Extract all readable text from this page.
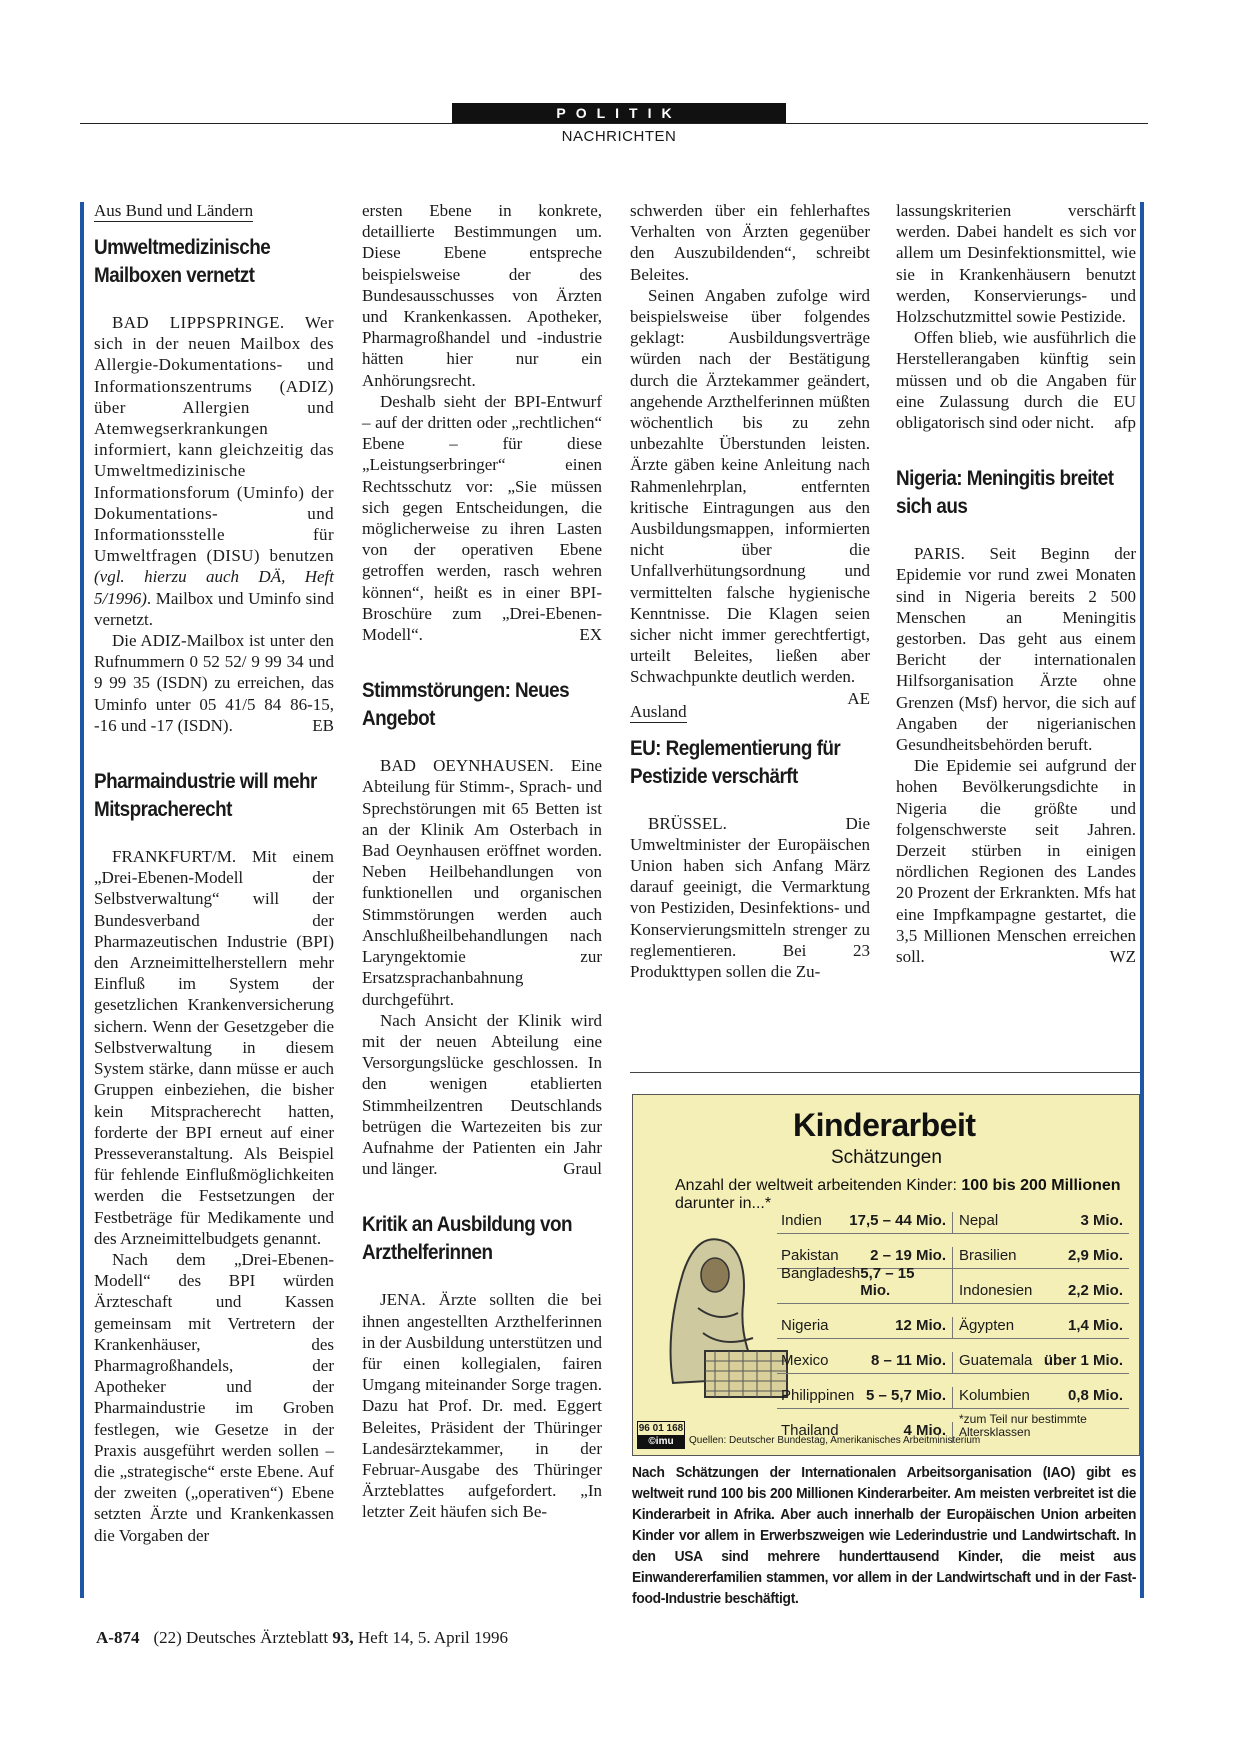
POLITIK
NACHRICHTEN
Aus Bund und Ländern
Umweltmedizinische Mailboxen vernetzt

BAD LIPPSPRINGE. Wer sich in der neuen Mailbox des Allergie-Dokumentations- und Informationszentrums (ADIZ) über Allergien und Atemwegserkrankungen informiert, kann gleichzeitig das Umweltmedizinische Informationsforum (Uminfo) der Dokumentations- und Informationsstelle für Umweltfragen (DISU) benutzen (vgl. hierzu auch DÄ, Heft 5/1996). Mailbox und Uminfo sind vernetzt.

Die ADIZ-Mailbox ist unter den Rufnummern 0 52 52/ 9 99 34 und 9 99 35 (ISDN) zu erreichen, das Uminfo unter 05 41/5 84 86-15, -16 und -17 (ISDN).	EB

Pharmaindustrie will mehr Mitspracherecht

FRANKFURT/M. Mit einem „Drei-Ebenen-Modell der Selbstverwaltung“ will der Bundesverband der Pharmazeutischen Industrie (BPI) den Arzneimittelherstellern mehr Einfluß im System der gesetzlichen Krankenversicherung sichern. Wenn der Gesetzgeber die Selbstverwaltung in diesem System stärke, dann müsse er auch Gruppen einbeziehen, die bisher kein Mitspracherecht hatten, forderte der BPI erneut auf einer Presseveranstaltung. Als Beispiel für fehlende Einflußmöglichkeiten werden die Festsetzungen der Festbeträge für Medikamente und des Arzneimittelbudgets genannt.

Nach dem „Drei-Ebenen-Modell“ des BPI würden Ärzteschaft und Kassen gemeinsam mit Vertretern der Krankenhäuser, des Pharmagroßhandels, der Apotheker und der Pharmaindustrie im Groben festlegen, wie Gesetze in der Praxis ausgeführt werden sollen – die „strategische“ erste Ebene. Auf der zweiten („operativen“) Ebene setzten Ärzte und Krankenkassen die Vorgaben der

ersten Ebene in konkrete, detaillierte Bestimmungen um. Diese Ebene entspreche beispielsweise der des Bundesausschusses von Ärzten und Krankenkassen. Apotheker, Pharmagroßhandel und -industrie hätten hier nur ein Anhörungsrecht.

Deshalb sieht der BPI-Entwurf – auf der dritten oder „rechtlichen“ Ebene – für diese „Leistungserbringer“ einen Rechtsschutz vor: „Sie müssen sich gegen Entscheidungen, die möglicherweise zu ihren Lasten von der operativen Ebene getroffen werden, rasch wehren können“, heißt es in einer BPI-Broschüre zum „Drei-Ebenen-Modell“.	EX

Stimmstörungen: Neues Angebot

BAD OEYNHAUSEN. Eine Abteilung für Stimm-, Sprach- und Sprechstörungen mit 65 Betten ist an der Klinik Am Osterbach in Bad Oeynhausen eröffnet worden. Neben Heilbehandlungen von funktionellen und organischen Stimmstörungen werden auch Anschlußheilbehandlungen nach Laryngektomie zur Ersatzsprachanbahnung durchgeführt.

Nach Ansicht der Klinik wird mit der neuen Abteilung eine Versorgungslücke geschlossen. In den wenigen etablierten Stimmheilzentren Deutschlands betrügen die Wartezeiten bis zur Aufnahme der Patienten ein Jahr und länger.	Graul

Kritik an Ausbildung von Arzthelferinnen

JENA. Ärzte sollten die bei ihnen angestellten Arzthelferinnen in der Ausbildung unterstützen und für einen kollegialen, fairen Umgang miteinander Sorge tragen. Dazu hat Prof. Dr. med. Eggert Beleites, Präsident der Thüringer Landesärztekammer, in der Februar-Ausgabe des Thüringer Ärzteblattes aufgefordert. „In letzter Zeit häufen sich Be-

schwerden über ein fehlerhaftes Verhalten von Ärzten gegenüber den Auszubildenden“, schreibt Beleites.

Seinen Angaben zufolge wird beispielsweise über folgendes geklagt: Ausbildungsverträge würden nach der Bestätigung durch die Ärztekammer geändert, angehende Arzthelferinnen müßten wöchentlich bis zu zehn unbezahlte Überstunden leisten. Ärzte gäben keine Anleitung nach Rahmenlehrplan, entfernten kritische Eintragungen aus den Ausbildungsmappen, informierten nicht über die Unfallverhütungsordnung und vermittelten falsche hygienische Kenntnisse. Die Klagen seien sicher nicht immer gerechtfertigt, urteilt Beleites, ließen aber Schwachpunkte deutlich werden.
AE

Ausland
EU: Reglementierung für Pestizide verschärft

BRÜSSEL. Die Umweltminister der Europäischen Union haben sich Anfang März darauf geeinigt, die Vermarktung von Pestiziden, Desinfektions- und Konservierungsmitteln strenger zu reglementieren. Bei 23 Produkttypen sollen die Zu-

lassungskriterien verschärft werden. Dabei handelt es sich vor allem um Desinfektionsmittel, wie sie in Krankenhäusern benutzt werden, Konservierungs- und Holzschutzmittel sowie Pestizide.

Offen blieb, wie ausführlich die Herstellerangaben künftig sein müssen und ob die Angaben für eine Zulassung durch die EU obligatorisch sind oder nicht.	afp

Nigeria: Meningitis breitet sich aus

PARIS. Seit Beginn der Epidemie vor rund zwei Monaten sind in Nigeria bereits 2 500 Menschen an Meningitis gestorben. Das geht aus einem Bericht der internationalen Hilfsorganisation Ärzte ohne Grenzen (Msf) hervor, die sich auf Angaben der nigerianischen Gesundheitsbehörden beruft.

Die Epidemie sei aufgrund der hohen Bevölkerungsdichte in Nigeria die größte und folgenschwerste seit Jahren. Derzeit stürben in einigen nördlichen Regionen des Landes 20 Prozent der Erkrankten. Mfs hat eine Impfkampagne gestartet, die 3,5 Millionen Menschen erreichen soll.	WZ

Kinderarbeit
Schätzungen
Anzahl der weltweit arbeitenden Kinder: 100 bis 200 Millionen
darunter in...*
Indien 17,5 – 44 Mio. Nepal	3 Mio.
Pakistan 2 – 19 Mio. Brasilien	2,9 Mio.
Bangladesh 5,7 – 15 Mio.	Indonesien 2,2 Mio.
Nigeria	12 Mio. Ägypten	1,4 Mio.
Mexico	8 – 11 Mio. Guatemala über 1 Mio.
Philippinen 5 – 5,7 Mio. Kolumbien	0,8 Mio.
Thailand	4 Mio.
*zum Teil nur bestimmte Altersklassen
96 01 168
©imu	Quellen: Deutscher Bundestag, Amerikanisches Arbeitministerium
Nach Schätzungen der Internationalen Arbeitsorganisation (IAO) gibt es weltweit rund 100 bis 200 Millionen Kinderarbeiter. Am meisten verbreitet ist die Kinderarbeit in Afrika. Aber auch innerhalb der Europäischen Union arbeiten Kinder vor allem in Erwerbszweigen wie Lederindustrie und Landwirtschaft. In den USA sind mehrere hunderttausend Kinder, die meist aus Einwandererfamilien stammen, vor allem in der Landwirtschaft und in der Fast-food-Industrie beschäftigt.
A-874 (22) Deutsches Ärzteblatt 93, Heft 14, 5. April 1996
